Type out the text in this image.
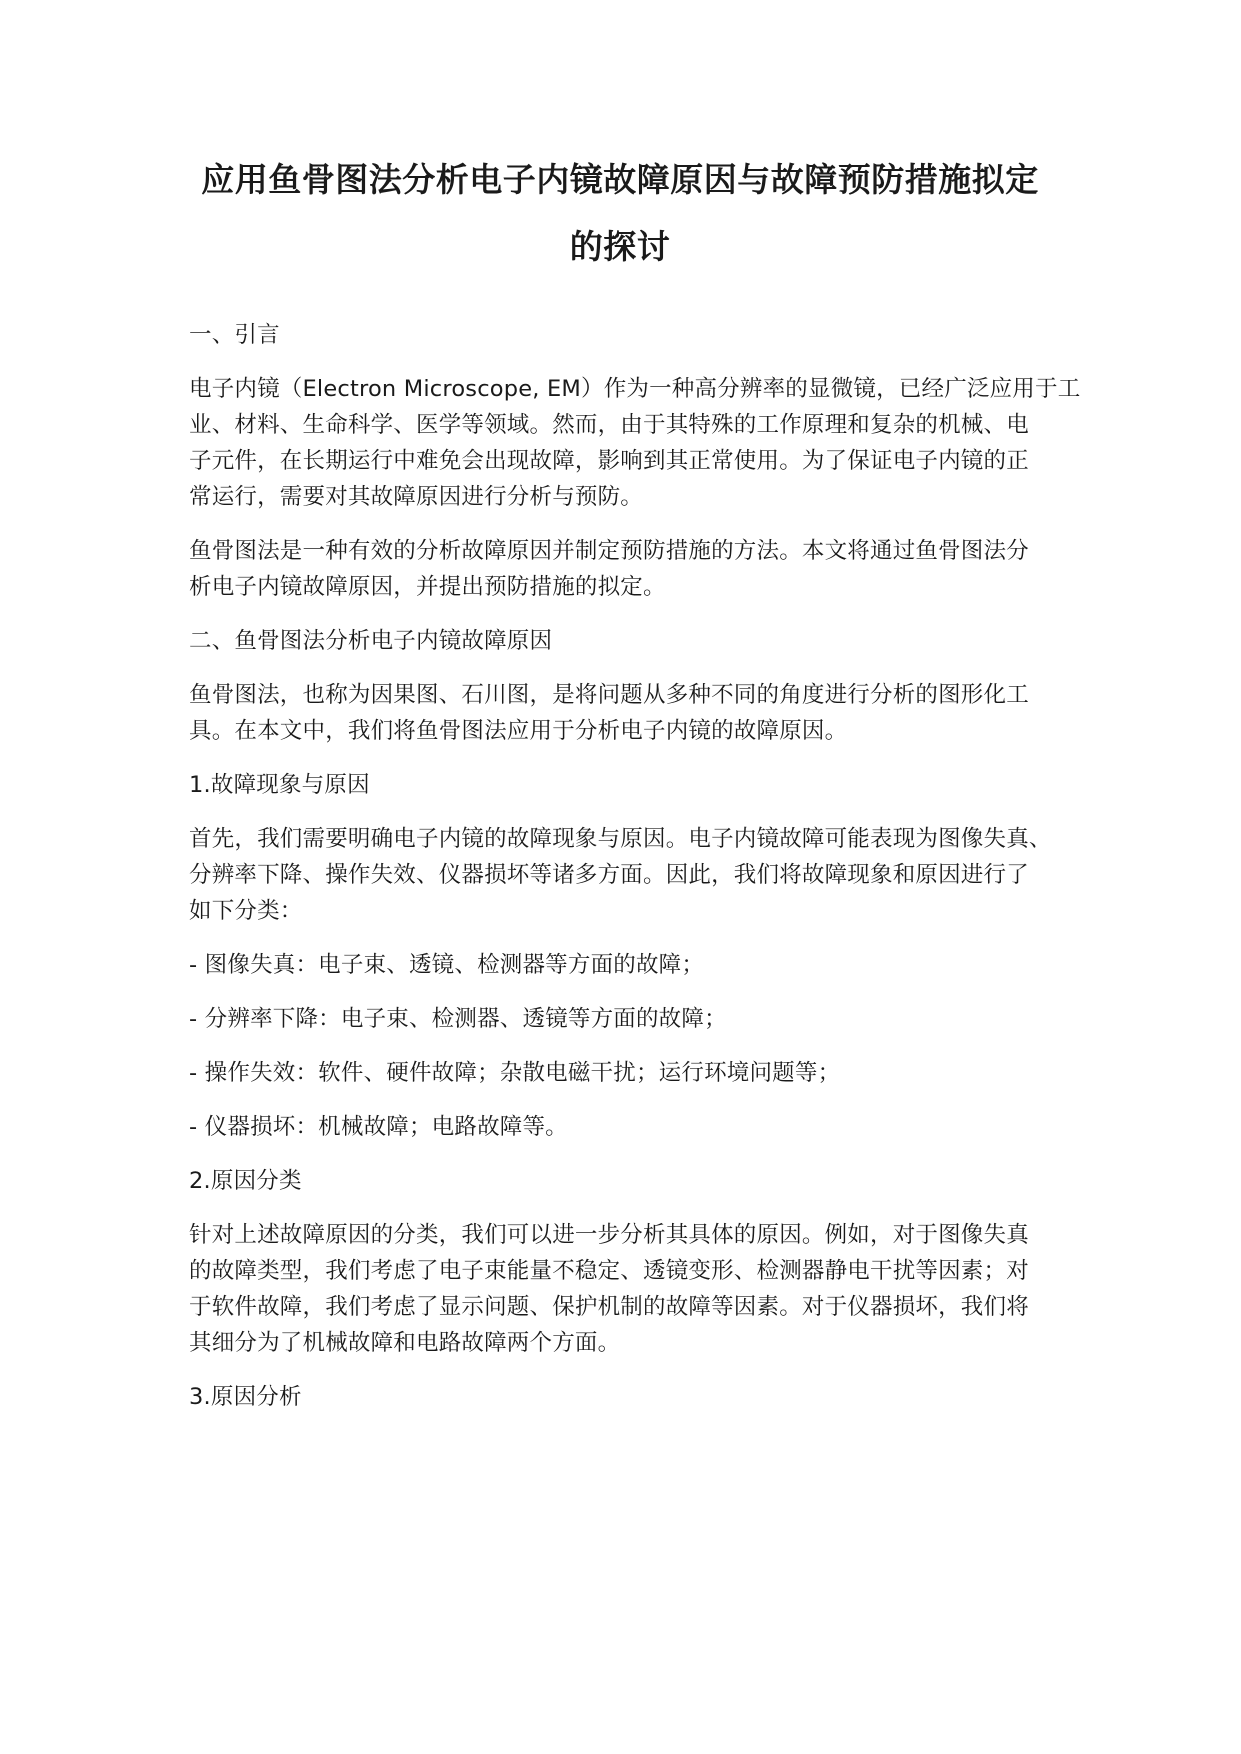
应用鱼骨图法分析电子内镜故障原因与故障预防措施拟定
的探讨
一、引言
电子内镜（Electron Microscope, EM）作为一种高分辨率的显微镜，已经广泛应用于工
业、材料、生命科学、医学等领域。然而，由于其特殊的工作原理和复杂的机械、电
子元件，在长期运行中难免会出现故障，影响到其正常使用。为了保证电子内镜的正
常运行，需要对其故障原因进行分析与预防。
鱼骨图法是一种有效的分析故障原因并制定预防措施的方法。本文将通过鱼骨图法分
析电子内镜故障原因，并提出预防措施的拟定。
二、鱼骨图法分析电子内镜故障原因
鱼骨图法，也称为因果图、石川图，是将问题从多种不同的角度进行分析的图形化工
具。在本文中，我们将鱼骨图法应用于分析电子内镜的故障原因。
1.故障现象与原因
首先，我们需要明确电子内镜的故障现象与原因。电子内镜故障可能表现为图像失真、
分辨率下降、操作失效、仪器损坏等诸多方面。因此，我们将故障现象和原因进行了
如下分类：
- 图像失真：电子束、透镜、检测器等方面的故障；
- 分辨率下降：电子束、检测器、透镜等方面的故障；
- 操作失效：软件、硬件故障；杂散电磁干扰；运行环境问题等；
- 仪器损坏：机械故障；电路故障等。
2.原因分类
针对上述故障原因的分类，我们可以进一步分析其具体的原因。例如，对于图像失真
的故障类型，我们考虑了电子束能量不稳定、透镜变形、检测器静电干扰等因素；对
于软件故障，我们考虑了显示问题、保护机制的故障等因素。对于仪器损坏，我们将
其细分为了机械故障和电路故障两个方面。
3.原因分析
